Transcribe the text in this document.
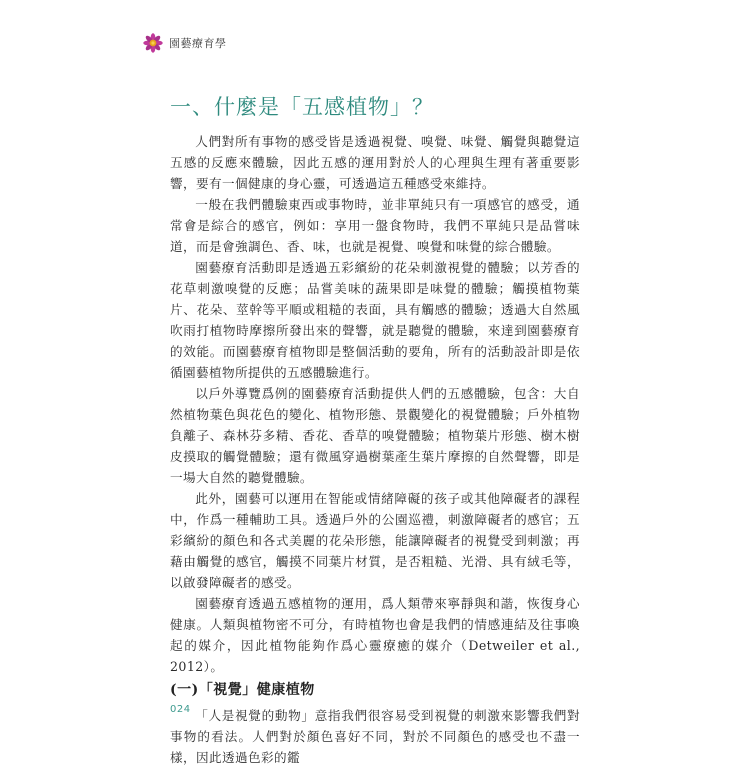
園藝療育學
一、什麼是「五感植物」？

人們對所有事物的感受皆是透過視覺、嗅覺、味覺、觸覺與聽覺這五感的反應來體驗，因此五感的運用對於人的心理與生理有著重要影響，要有一個健康的身心靈，可透過這五種感受來維持。

一般在我們體驗東西或事物時，並非單純只有一項感官的感受，通常會是綜合的感官，例如：享用一盤食物時，我們不單純只是品嘗味道，而是會強調色、香、味，也就是視覺、嗅覺和味覺的綜合體驗。

園藝療育活動即是透過五彩繽紛的花朵刺激視覺的體驗；以芳香的花草刺激嗅覺的反應；品嘗美味的蔬果即是味覺的體驗；觸摸植物葉片、花朵、莖幹等平順或粗糙的表面，具有觸感的體驗；透過大自然風吹雨打植物時摩擦所發出來的聲響，就是聽覺的體驗，來達到園藝療育的效能。而園藝療育植物即是整個活動的要角，所有的活動設計即是依循園藝植物所提供的五感體驗進行。

以戶外導覽爲例的園藝療育活動提供人們的五感體驗，包含：大自然植物葉色與花色的變化、植物形態、景觀變化的視覺體驗；戶外植物負離子、森林芬多精、香花、香草的嗅覺體驗；植物葉片形態、樹木樹皮摸取的觸覺體驗；還有微風穿過樹葉產生葉片摩擦的自然聲響，即是一場大自然的聽覺體驗。

此外，園藝可以運用在智能或情緒障礙的孩子或其他障礙者的課程中，作爲一種輔助工具。透過戶外的公園巡禮，刺激障礙者的感官；五彩繽紛的顏色和各式美麗的花朵形態，能讓障礙者的視覺受到刺激；再藉由觸覺的感官，觸摸不同葉片材質，是否粗糙、光滑、具有絨毛等，以啟發障礙者的感受。

園藝療育透過五感植物的運用，爲人類帶來寧靜與和諧，恢復身心健康。人類與植物密不可分，有時植物也會是我們的情感連結及往事喚起的媒介，因此植物能夠作爲心靈療癒的媒介（Detweiler et al., 2012）。

(一)「視覺」健康植物

「人是視覺的動物」意指我們很容易受到視覺的刺激來影響我們對事物的看法。人們對於顏色喜好不同，對於不同顏色的感受也不盡一樣，因此透過色彩的鑑

024
